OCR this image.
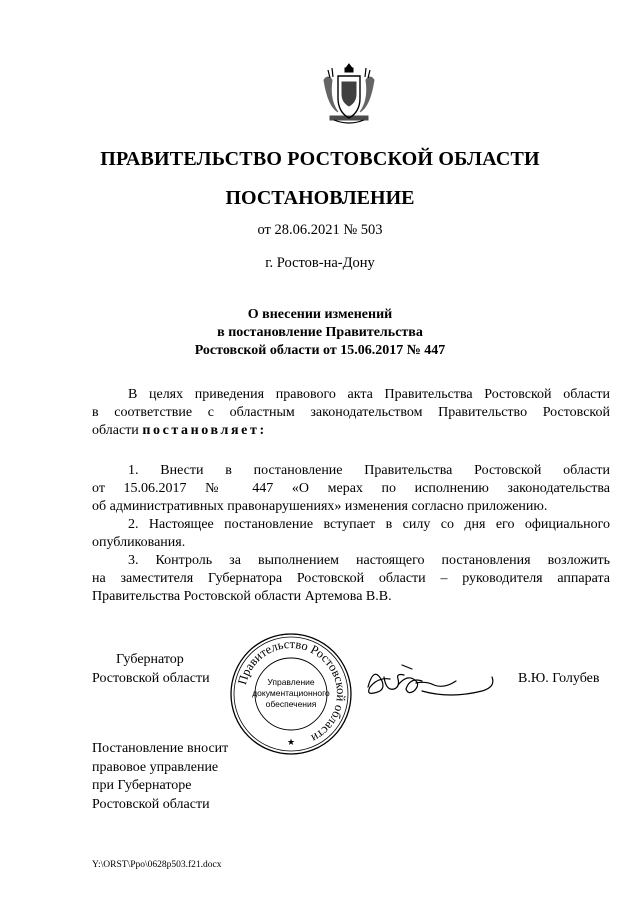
ПРАВИТЕЛЬСТВО РОСТОВСКОЙ ОБЛАСТИ
ПОСТАНОВЛЕНИЕ
от 28.06.2021 № 503
г. Ростов-на-Дону
О внесении изменений
в постановление Правительства
Ростовской области от 15.06.2017 № 447
В целях приведения правового акта Правительства Ростовской области
в соответствие с областным законодательством Правительство Ростовской
области постановляет:
1. Внести в постановление Правительства Ростовской области
от 15.06.2017 № 447 «О мерах по исполнению законодательства
об административных правонарушениях» изменения согласно приложению.
2. Настоящее постановление вступает в силу со дня его официального
опубликования.
3. Контроль за выполнением настоящего постановления возложить
на заместителя Губернатора Ростовской области – руководителя аппарата
Правительства Ростовской области Артемова В.В.
Губернатор
Ростовской области Правительство Ростовской области
Управление
документационного
обеспечения
★
В.Ю. Голубев
Постановление вносит
правовое управление
при Губернаторе
Ростовской области
Y:\ORST\Ppo\0628p503.f21.docx
